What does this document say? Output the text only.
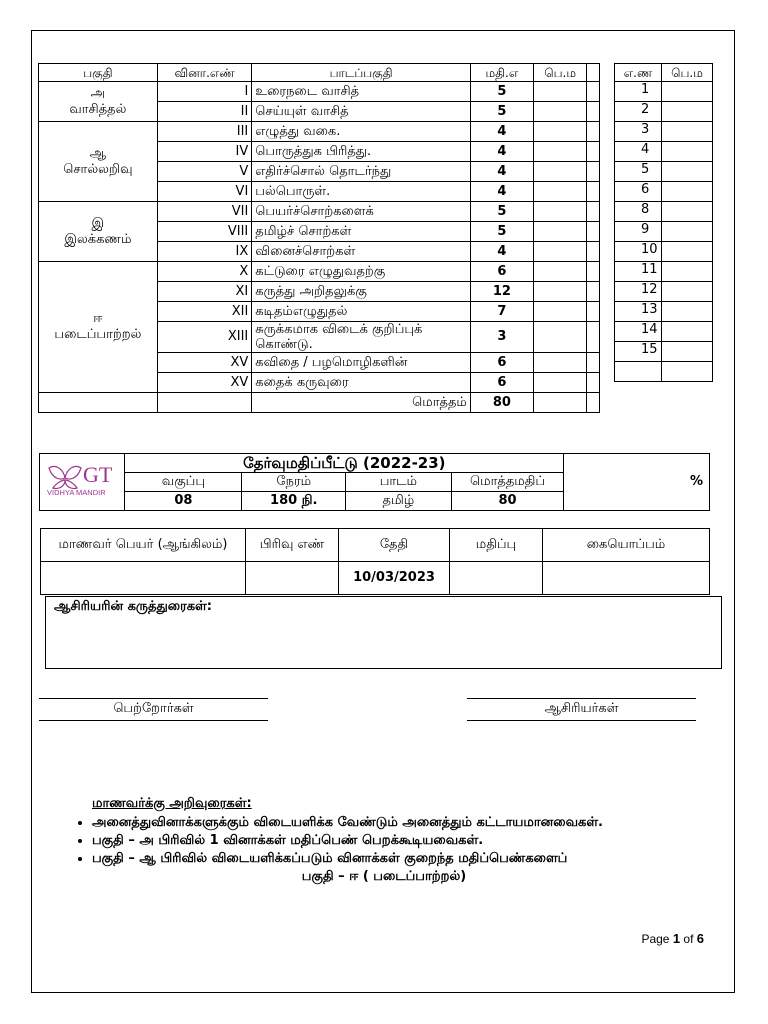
பகுதி	வினா.எண்	பாடப்பகுதி	மதி.எ	பெ.ம	
அ
வாசித்தல்	I	உரைநடை வாசித்	5		
	II	செய்யுள் வாசித்	5		
ஆ
சொல்லறிவு	III	எழுத்து வகை.	4		
	IV	பொருத்துக பிரித்து.	4		
	V	எதிர்ச்சொல் தொடர்ந்து	4		
	VI	பல்பொருள்.	4		
இ
இலக்கணம்	VII	பெயர்ச்சொற்களைக்	5		
	VIII	தமிழ்ச் சொற்கள்	5		
	IX	வினைச்சொற்கள்	4		
ஈ
படைப்பாற்றல்	X	கட்டுரை எழுதுவதற்கு	6		
	XI	கருத்து அறிதலுக்கு	12		
	XII	கடிதம்எழுதுதல்	7		
	XIII	சுருக்கமாக விடைக் குறிப்புக் கொண்டு.	3		
	XV	கவிதை / பழமொழிகளின்	6		
	XV	கதைக் கருவுரை	6		
		மொத்தம்	80		
எ.ண	பெ.ம
1	
2	
3	
4	
5	
6	
8	
9	
10	
11	
12	
13	
14	
15	

GT
VIDHYA MANDIR	தேர்வுமதிப்பீட்டு (2022-23)				%
	வகுப்பு	நேரம்	பாடம்	மொத்தமதிப்	
	08	180 நி.	தமிழ்	80	
மாணவர் பெயர் (ஆங்கிலம்)	பிரிவு எண்	தேதி	மதிப்பு	கையொப்பம்
		10/03/2023		
ஆசிரியரின் கருத்துரைகள்:
பெற்றோர்கள்	ஆசிரியர்கள்
மாணவர்க்கு அறிவுரைகள்:
• அனைத்துவினாக்களுக்கும் விடையளிக்க வேண்டும் அனைத்தும் கட்டாயமானவைகள்.
• பகுதி – அ பிரிவில் 1 வினாக்கள் மதிப்பெண் பெறக்கூடியவைகள்.
• பகுதி – ஆ பிரிவில் விடையளிக்கப்படும் வினாக்கள் குறைந்த மதிப்பெண்களைப்
பகுதி – ஈ ( படைப்பாற்றல்)
Page 1 of 6
